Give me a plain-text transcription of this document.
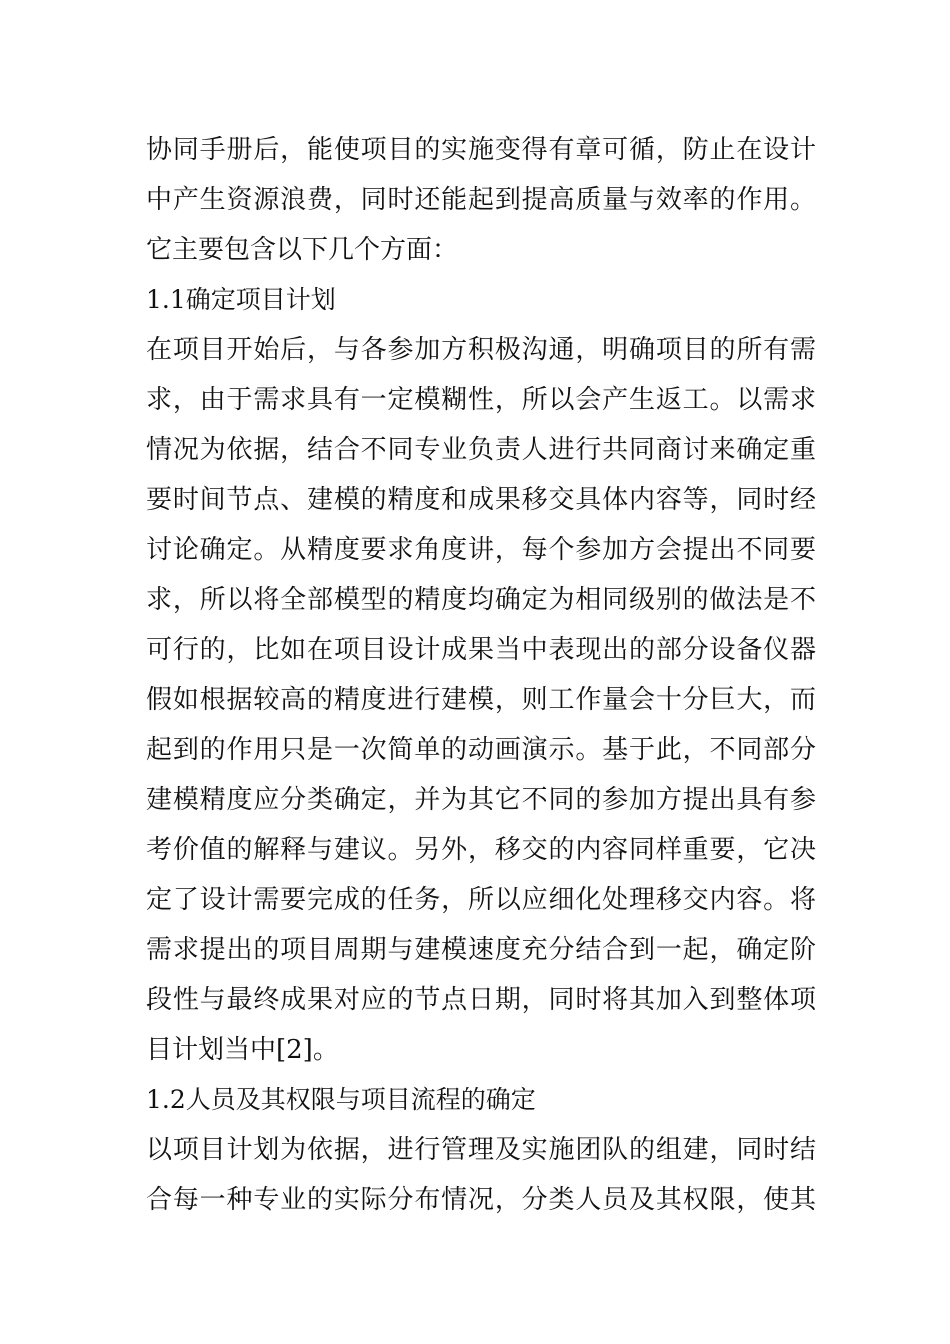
协同手册后，能使项目的实施变得有章可循，防止在设计

中产生资源浪费，同时还能起到提高质量与效率的作用。

它主要包含以下几个方面：

1.1确定项目计划

在项目开始后，与各参加方积极沟通，明确项目的所有需

求，由于需求具有一定模糊性，所以会产生返工。以需求

情况为依据，结合不同专业负责人进行共同商讨来确定重

要时间节点、建模的精度和成果移交具体内容等，同时经

讨论确定。从精度要求角度讲，每个参加方会提出不同要

求，所以将全部模型的精度均确定为相同级别的做法是不

可行的，比如在项目设计成果当中表现出的部分设备仪器

假如根据较高的精度进行建模，则工作量会十分巨大，而

起到的作用只是一次简单的动画演示。基于此，不同部分

建模精度应分类确定，并为其它不同的参加方提出具有参

考价值的解释与建议。另外，移交的内容同样重要，它决

定了设计需要完成的任务，所以应细化处理移交内容。将

需求提出的项目周期与建模速度充分结合到一起，确定阶

段性与最终成果对应的节点日期，同时将其加入到整体项

目计划当中[2]。

1.2人员及其权限与项目流程的确定

以项目计划为依据，进行管理及实施团队的组建，同时结

合每一种专业的实际分布情况，分类人员及其权限，使其
